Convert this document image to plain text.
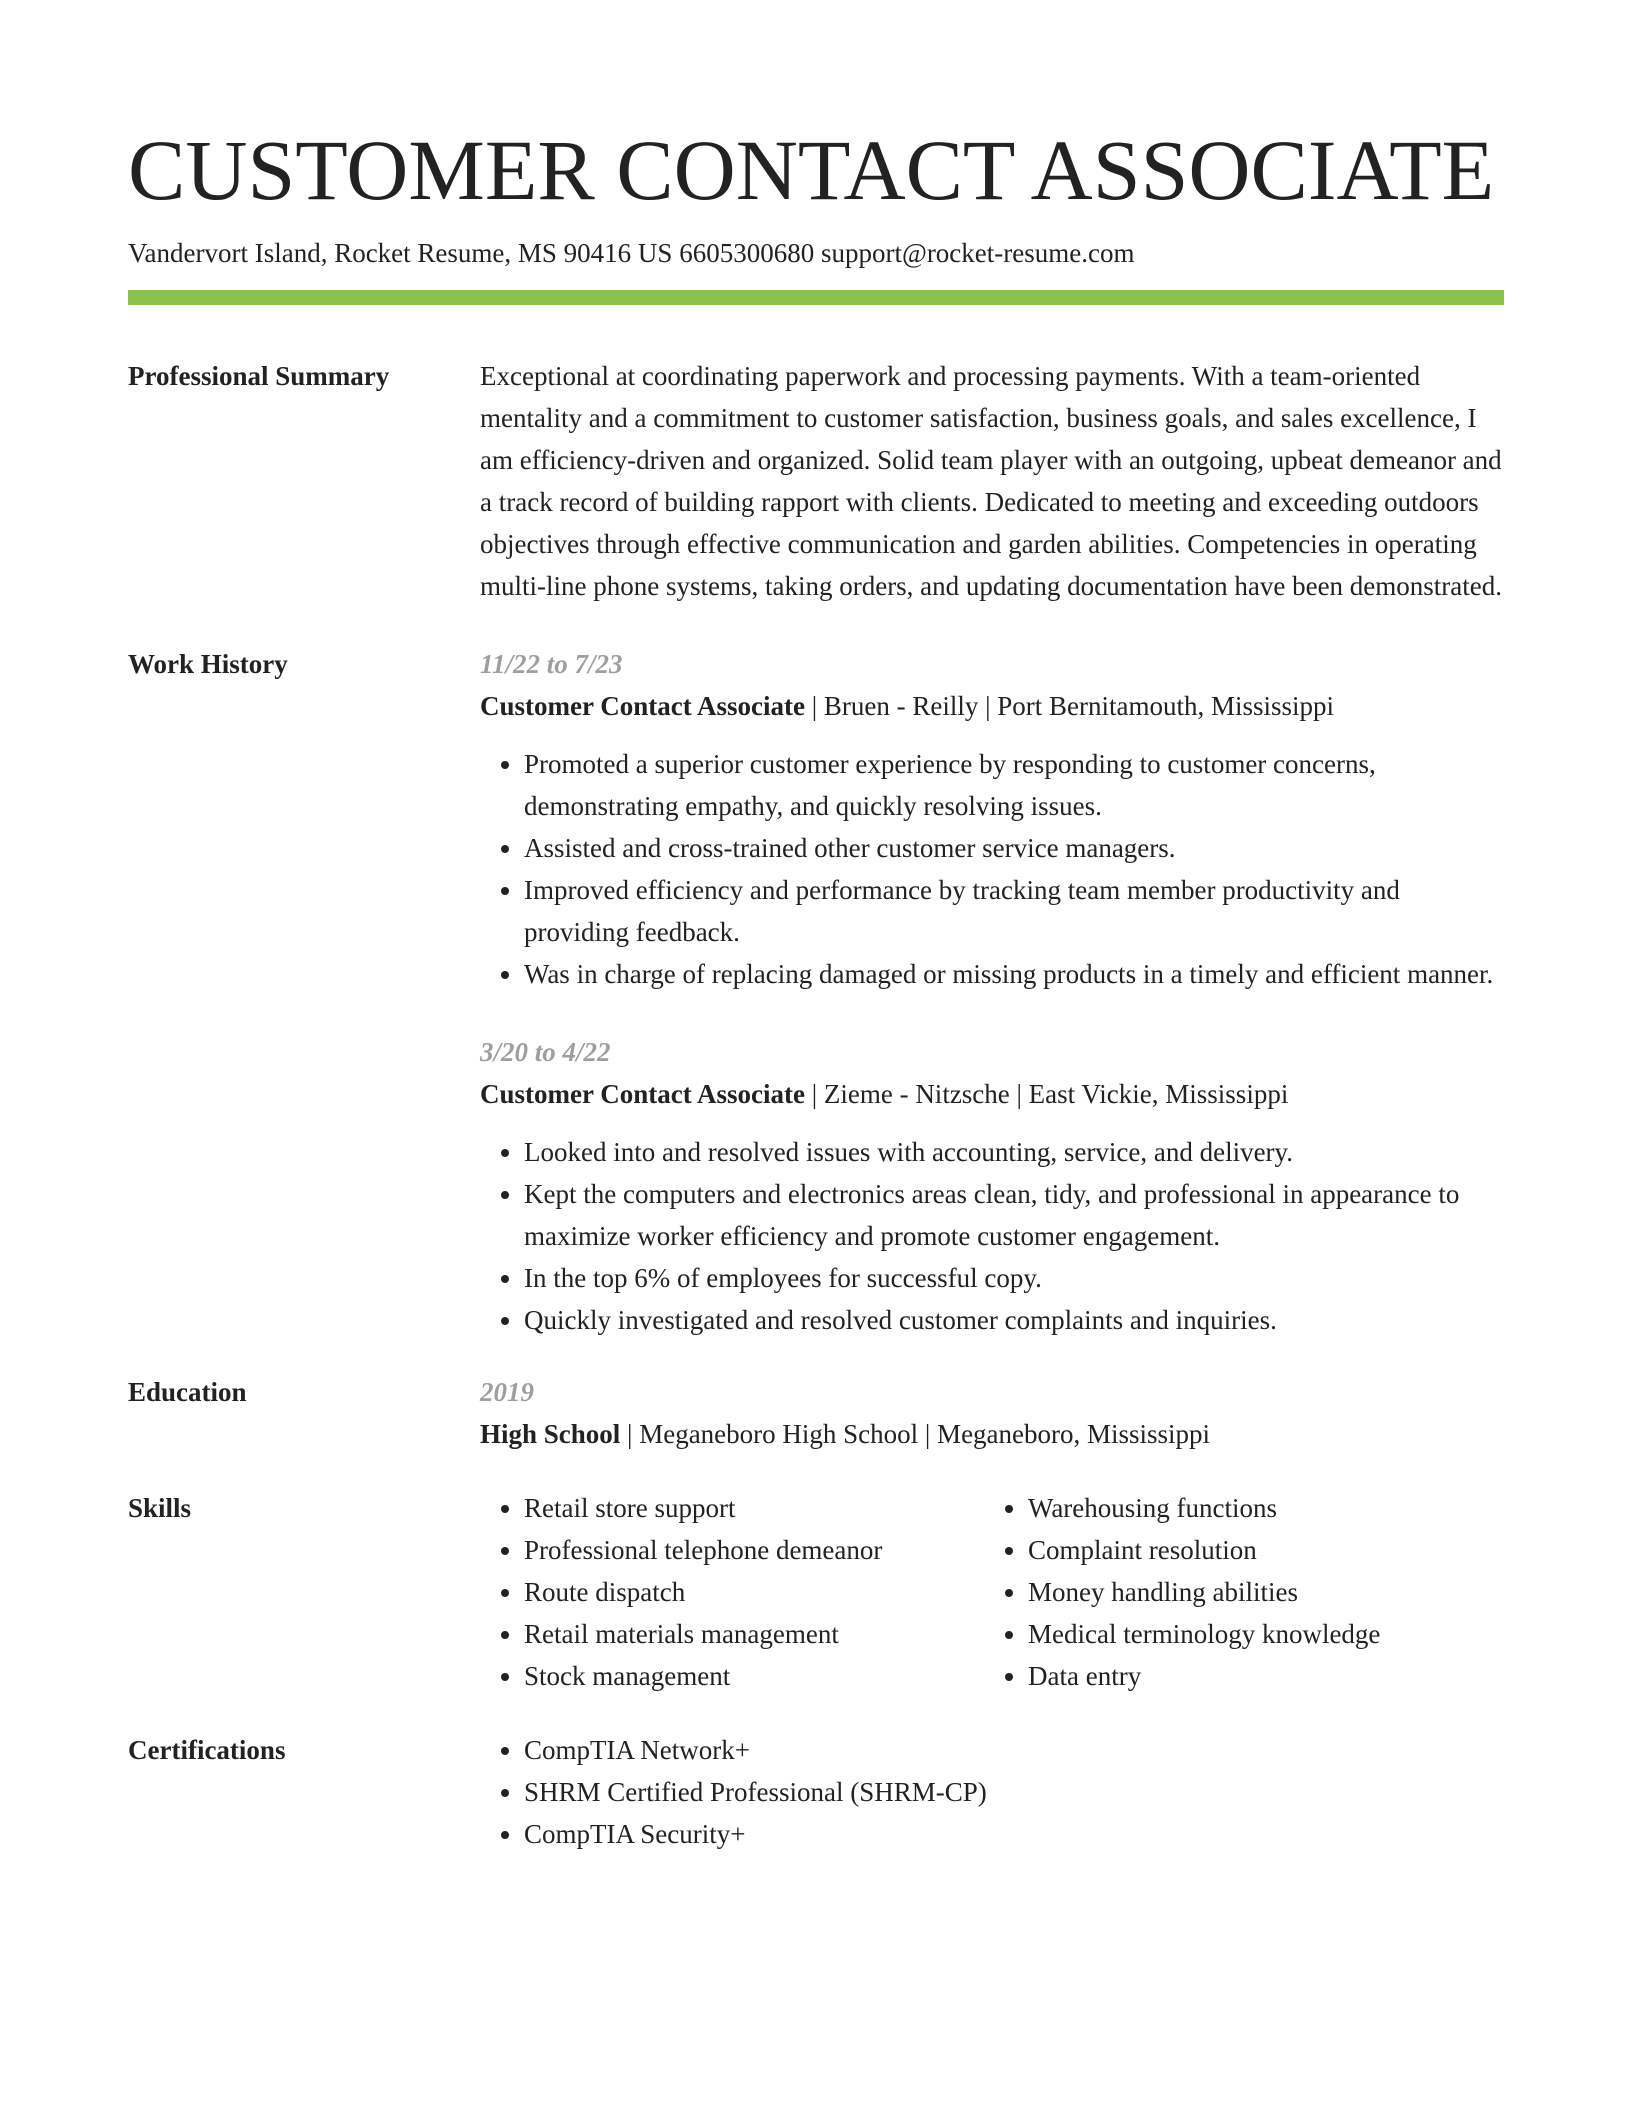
CUSTOMER CONTACT ASSOCIATE
Vandervort Island, Rocket Resume, MS 90416 US 6605300680 support@rocket-resume.com
Professional Summary	Exceptional at coordinating paperwork and processing payments. With a team-oriented mentality and a commitment to customer satisfaction, business goals, and sales excellence, I am efficiency-driven and organized. Solid team player with an outgoing, upbeat demeanor and a track record of building rapport with clients. Dedicated to meeting and exceeding outdoors objectives through effective communication and garden abilities. Competencies in operating multi-line phone systems, taking orders, and updating documentation have been demonstrated.

Work History	11/22 to 7/23
Customer Contact Associate | Bruen - Reilly | Port Bernitamouth, Mississippi
• Promoted a superior customer experience by responding to customer concerns, demonstrating empathy, and quickly resolving issues.
• Assisted and cross-trained other customer service managers.
• Improved efficiency and performance by tracking team member productivity and providing feedback.
• Was in charge of replacing damaged or missing products in a timely and efficient manner.
3/20 to 4/22
Customer Contact Associate | Zieme - Nitzsche | East Vickie, Mississippi
• Looked into and resolved issues with accounting, service, and delivery.
• Kept the computers and electronics areas clean, tidy, and professional in appearance to maximize worker efficiency and promote customer engagement.
• In the top 6% of employees for successful copy.
• Quickly investigated and resolved customer complaints and inquiries.
Education	2019
High School | Meganeboro High School | Meganeboro, Mississippi
Skills	• Retail store support
• Professional telephone demeanor
• Route dispatch
• Retail materials management
• Stock management
• Warehousing functions
• Complaint resolution
• Money handling abilities
• Medical terminology knowledge
• Data entry
Certifications	• CompTIA Network+
• SHRM Certified Professional (SHRM-CP)
• CompTIA Security+
